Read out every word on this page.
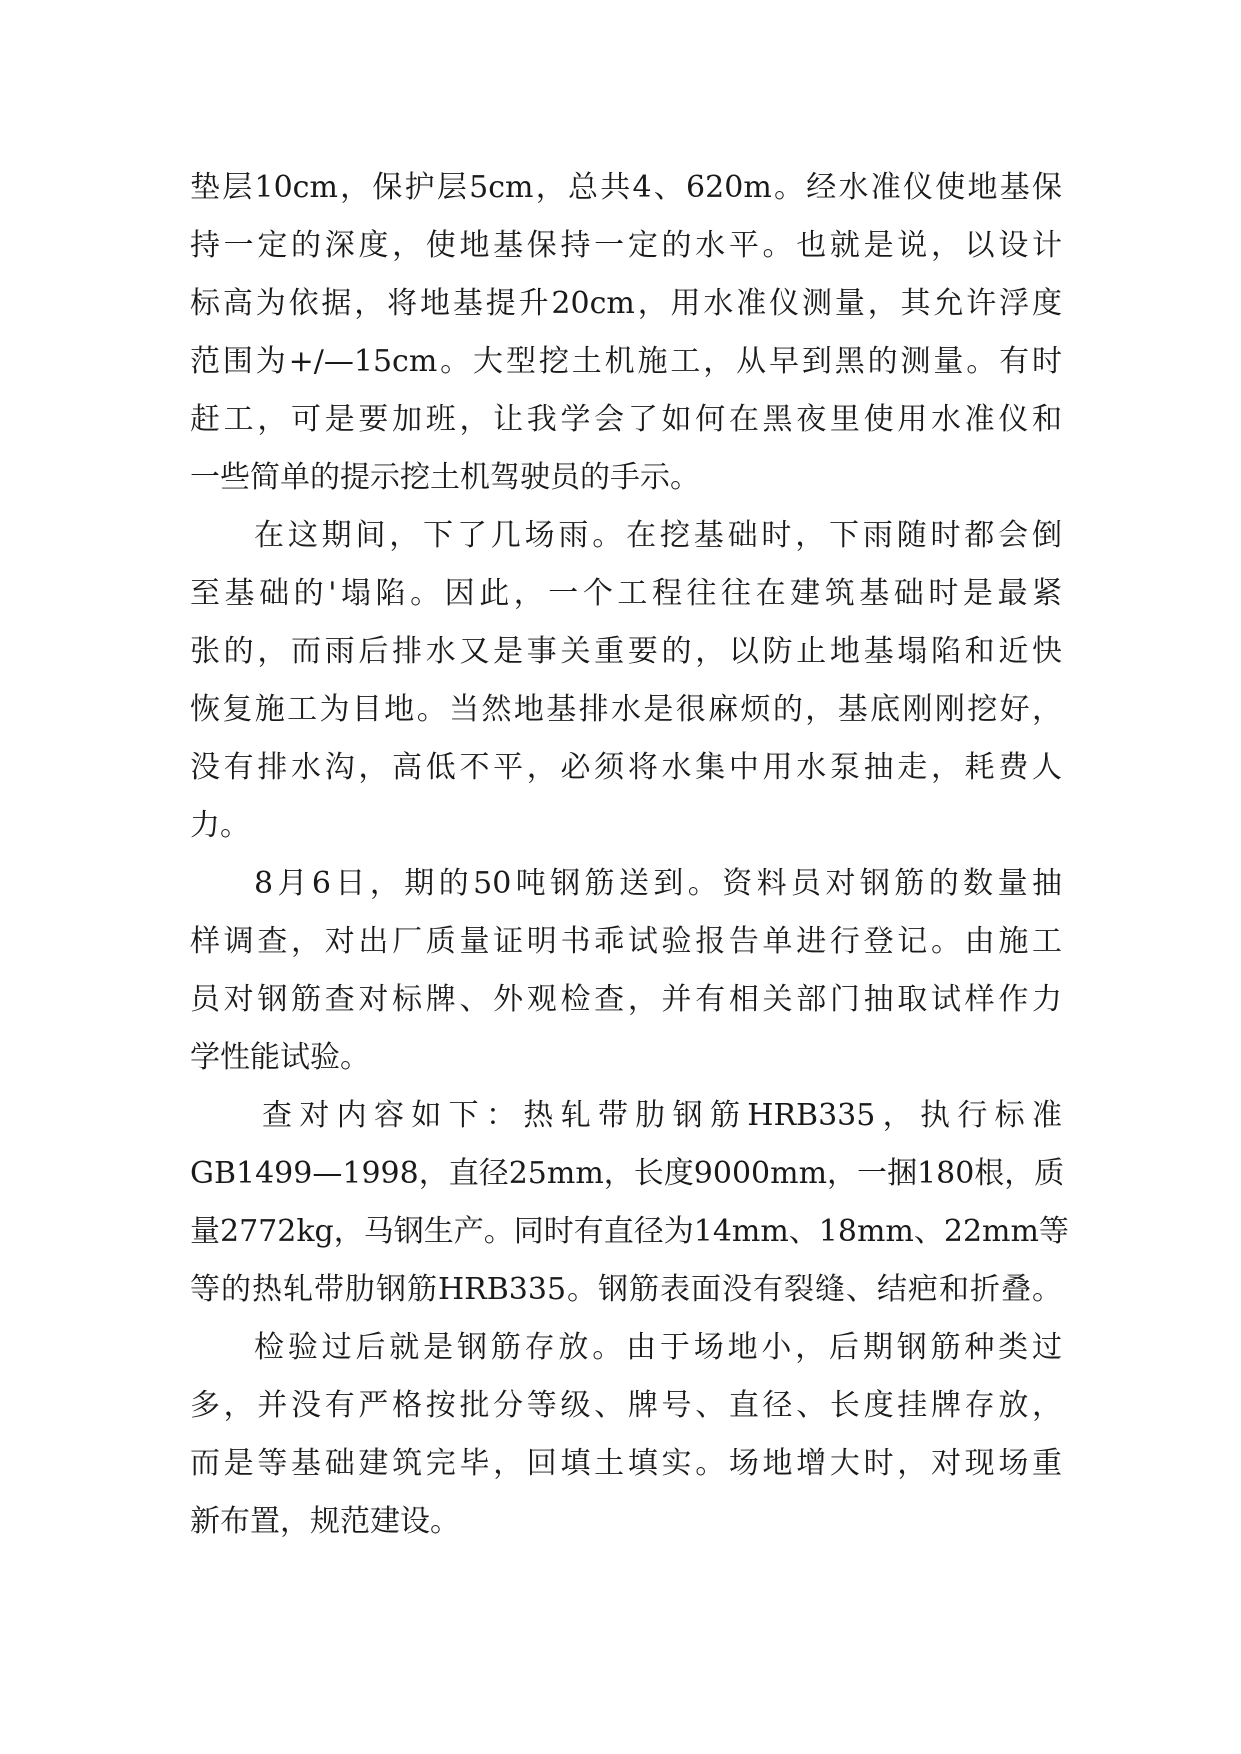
垫层10cm，保护层5cm，总共4、620m。经水准仪使地基保
持一定的深度，使地基保持一定的水平。也就是说，以设计
标高为依据，将地基提升20cm，用水准仪测量，其允许浮度
范围为+/—15cm。大型挖土机施工，从早到黑的测量。有时
赶工，可是要加班，让我学会了如何在黑夜里使用水准仪和
一些简单的提示挖土机驾驶员的手示。
在这期间，下了几场雨。在挖基础时，下雨随时都会倒
至基础的'塌陷。因此，一个工程往往在建筑基础时是最紧
张的，而雨后排水又是事关重要的，以防止地基塌陷和近快
恢复施工为目地。当然地基排水是很麻烦的，基底刚刚挖好，
没有排水沟，高低不平，必须将水集中用水泵抽走，耗费人
力。
8月6日，期的50吨钢筋送到。资料员对钢筋的数量抽
样调查，对出厂质量证明书乖试验报告单进行登记。由施工
员对钢筋查对标牌、外观检查，并有相关部门抽取试样作力
学性能试验。
查对内容如下：热轧带肋钢筋HRB335，执行标准
GB1499—1998，直径25mm，长度9000mm，一捆180根，质
量2772kg，马钢生产。同时有直径为14mm、18mm、22mm等
等的热轧带肋钢筋HRB335。钢筋表面没有裂缝、结疤和折叠。
检验过后就是钢筋存放。由于场地小，后期钢筋种类过
多，并没有严格按批分等级、牌号、直径、长度挂牌存放，
而是等基础建筑完毕，回填土填实。场地增大时，对现场重
新布置，规范建设。
